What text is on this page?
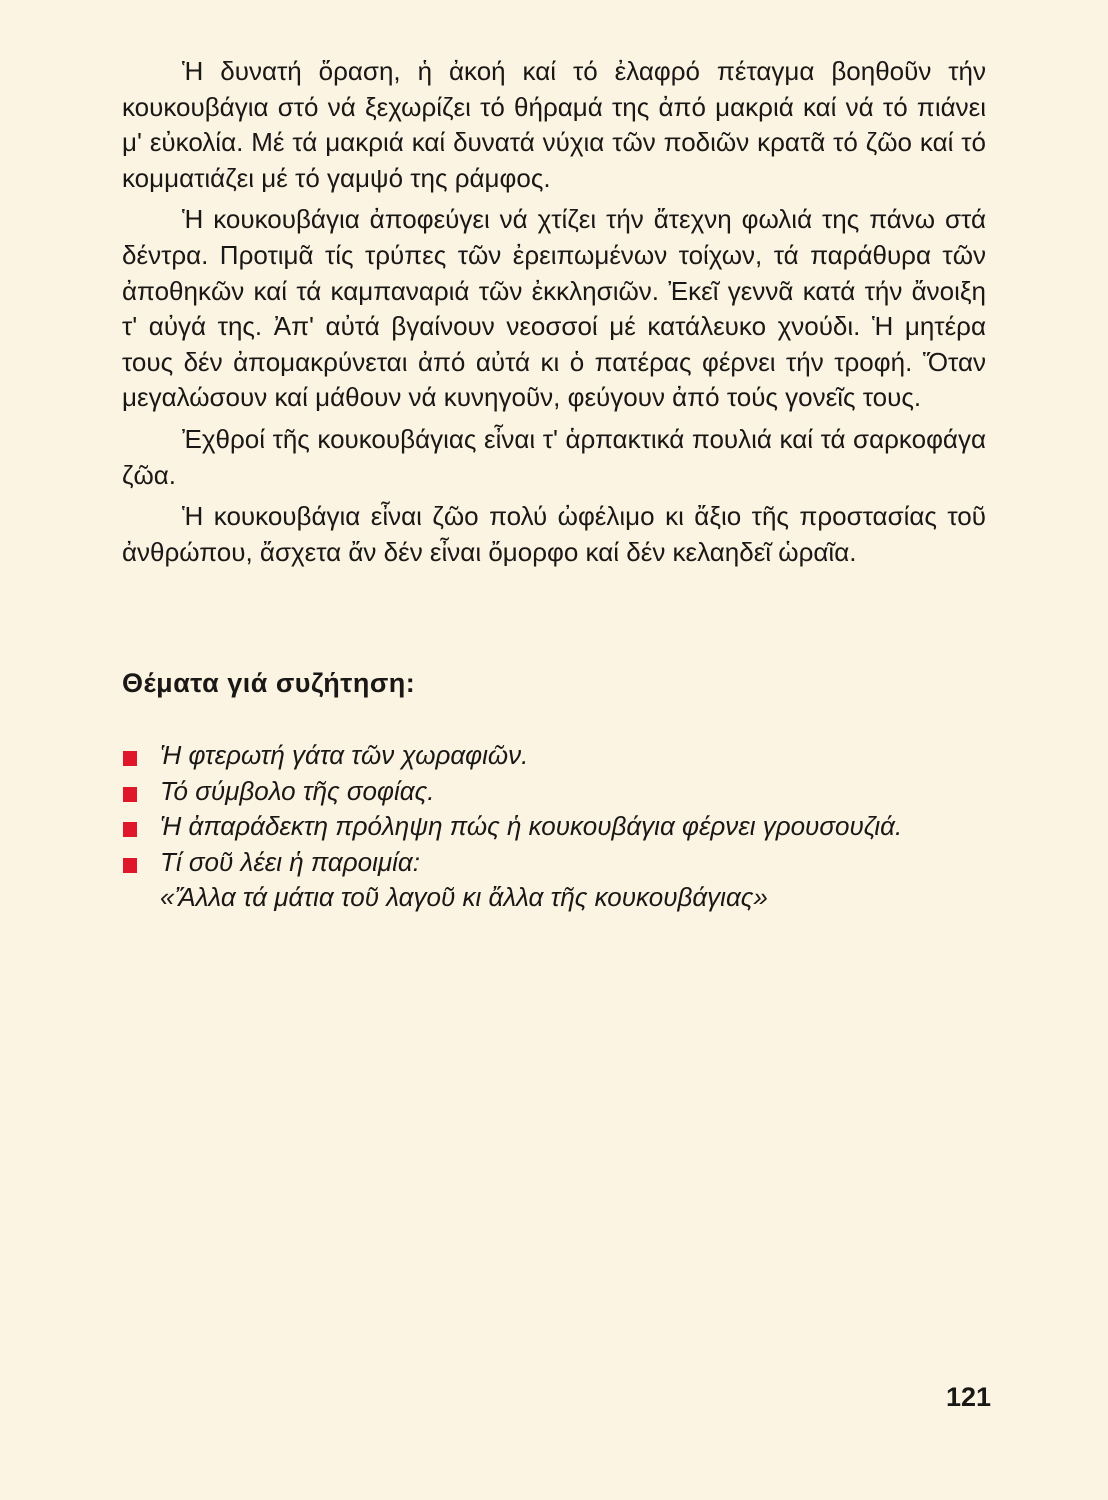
Ἡ δυνατή ὅραση, ἡ ἀκοή καί τό ἐλαφρό πέταγμα βοηθοῦν τήν κουκουβάγια στό νά ξεχωρίζει τό θήραμά της ἀπό μακριά καί νά τό πιάνει μ' εὐκολία. Μέ τά μακριά καί δυνατά νύχια τῶν ποδιῶν κρατᾶ τό ζῶο καί τό κομματιάζει μέ τό γαμψό της ράμφος.

Ἡ κουκουβάγια ἀποφεύγει νά χτίζει τήν ἄτεχνη φωλιά της πάνω στά δέντρα. Προτιμᾶ τίς τρύπες τῶν ἐρειπωμένων τοίχων, τά παράθυρα τῶν ἀποθηκῶν καί τά καμπαναριά τῶν ἐκκλησιῶν. Ἐκεῖ γεννᾶ κατά τήν ἄνοιξη τ' αὐγά της. Ἀπ' αὐτά βγαίνουν νεοσσοί μέ κατάλευκο χνούδι. Ἡ μητέρα τους δέν ἀπομακρύνεται ἀπό αὐτά κι ὁ πατέρας φέρνει τήν τροφή. Ὅταν μεγαλώσουν καί μάθουν νά κυνηγοῦν, φεύγουν ἀπό τούς γονεῖς τους.

Ἐχθροί τῆς κουκουβάγιας εἶναι τ' ἁρπακτικά πουλιά καί τά σαρκοφάγα ζῶα.

Ἡ κουκουβάγια εἶναι ζῶο πολύ ὠφέλιμο κι ἄξιο τῆς προστασίας τοῦ ἀνθρώπου, ἄσχετα ἄν δέν εἶναι ὄμορφο καί δέν κελαηδεῖ ὡραῖα.

Θέματα γιά συζήτηση:
Ἡ φτερωτή γάτα τῶν χωραφιῶν.
Τό σύμβολο τῆς σοφίας.
Ἡ ἀπαράδεκτη πρόληψη πώς ἡ κουκουβάγια φέρνει γρουσουζιά.
Τί σοῦ λέει ἡ παροιμία:
«Ἄλλα τά μάτια τοῦ λαγοῦ κι ἄλλα τῆς κουκουβάγιας»
121
